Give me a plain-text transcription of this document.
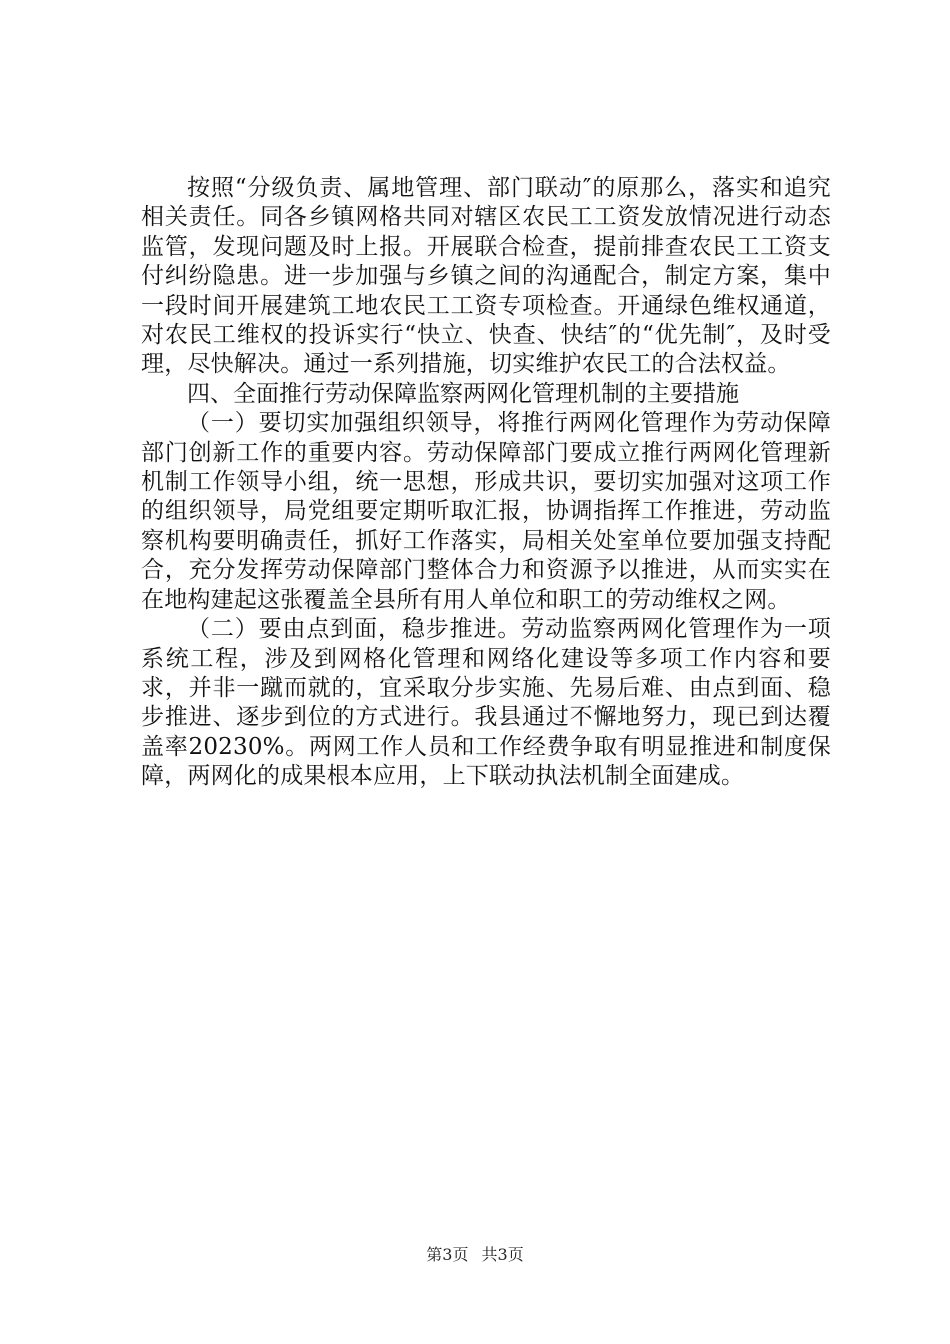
按照“分级负责、属地管理、部门联动″的原那么，落实和追究相关责任。同各乡镇网格共同对辖区农民工工资发放情况进行动态监管，发现问题及时上报。开展联合检查，提前排查农民工工资支付纠纷隐患。进一步加强与乡镇之间的沟通配合，制定方案，集中一段时间开展建筑工地农民工工资专项检查。开通绿色维权通道，对农民工维权的投诉实行“快立、快查、快结″的“优先制″，及时受理，尽快解决。通过一系列措施，切实维护农民工的合法权益。

四、全面推行劳动保障监察两网化管理机制的主要措施

（一）要切实加强组织领导，将推行两网化管理作为劳动保障部门创新工作的重要内容。劳动保障部门要成立推行两网化管理新机制工作领导小组，统一思想，形成共识，要切实加强对这项工作的组织领导，局党组要定期听取汇报，协调指挥工作推进，劳动监察机构要明确责任，抓好工作落实，局相关处室单位要加强支持配合，充分发挥劳动保障部门整体合力和资源予以推进，从而实实在在地构建起这张覆盖全县所有用人单位和职工的劳动维权之网。

（二）要由点到面，稳步推进。劳动监察两网化管理作为一项系统工程，涉及到网格化管理和网络化建设等多项工作内容和要求，并非一蹴而就的，宜采取分步实施、先易后难、由点到面、稳步推进、逐步到位的方式进行。我县通过不懈地努力，现已到达覆盖率20230%。两网工作人员和工作经费争取有明显推进和制度保障，两网化的成果根本应用，上下联动执法机制全面建成。

第3页 共3页
